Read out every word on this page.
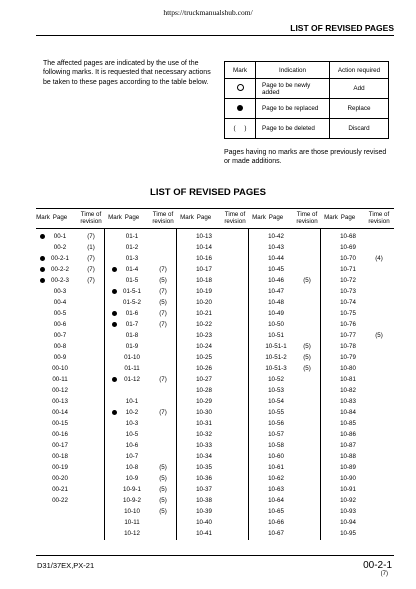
https://truckmanualshub.com/
LIST OF REVISED PAGES
The affected pages are indicated by the use of the following marks. It is requested that necessary actions be taken to these pages according to the table below.
Mark	Indication	Action required
	Page to be newly added	Add
	Page to be replaced	Replace
(     )	Page to be deleted	Discard
Pages having no marks are those previously revised or made additions.
LIST OF REVISED PAGES
Mark Page	Time of revision	Mark Page	Time of revision	Mark Page	Time of revision	Mark Page	Time of revision	Mark Page	Time of revision
00-1	(7)
00-2	(1)
00-2-1	(7)
00-2-2	(7)
00-2-3	(7)
00-3
00-4
00-5
00-6
00-7
00-8
00-9
00-10
00-11
00-12
00-13
00-14
00-15
00-16
00-17
00-18
00-19
00-20
00-21
00-22
01-1
01-2
01-3
01-4	(7)
01-5	(5)
01-5-1	(7)
01-5-2	(5)
01-6	(7)
01-7	(7)
01-8
01-9
01-10
01-11
01-12	(7)
10-1
10-2	(7)
10-3
10-5
10-6
10-7
10-8	(5)
10-9	(5)
10-9-1	(5)
10-9-2	(5)
10-10	(5)
10-11
10-12
10-13
10-14
10-16
10-17
10-18
10-19
10-20
10-21
10-22
10-23
10-24
10-25
10-26
10-27
10-28
10-29
10-30
10-31
10-32
10-33
10-34
10-35
10-36
10-37
10-38
10-39
10-40
10-41
10-42
10-43
10-44
10-45
10-46	(5)
10-47
10-48
10-49
10-50
10-51
10-51-1	(5)
10-51-2	(5)
10-51-3	(5)
10-52
10-53
10-54
10-55
10-56
10-57
10-58
10-60
10-61
10-62
10-63
10-64
10-65
10-66
10-67
10-68
10-69
10-70	(4)
10-71
10-72
10-73
10-74
10-75
10-76
10-77	(5)
10-78
10-79
10-80
10-81
10-82
10-83
10-84
10-85
10-86
10-87
10-88
10-89
10-90
10-91
10-92
10-93
10-94
10-95
D31/37EX,PX-21	00-2-1
(7)
